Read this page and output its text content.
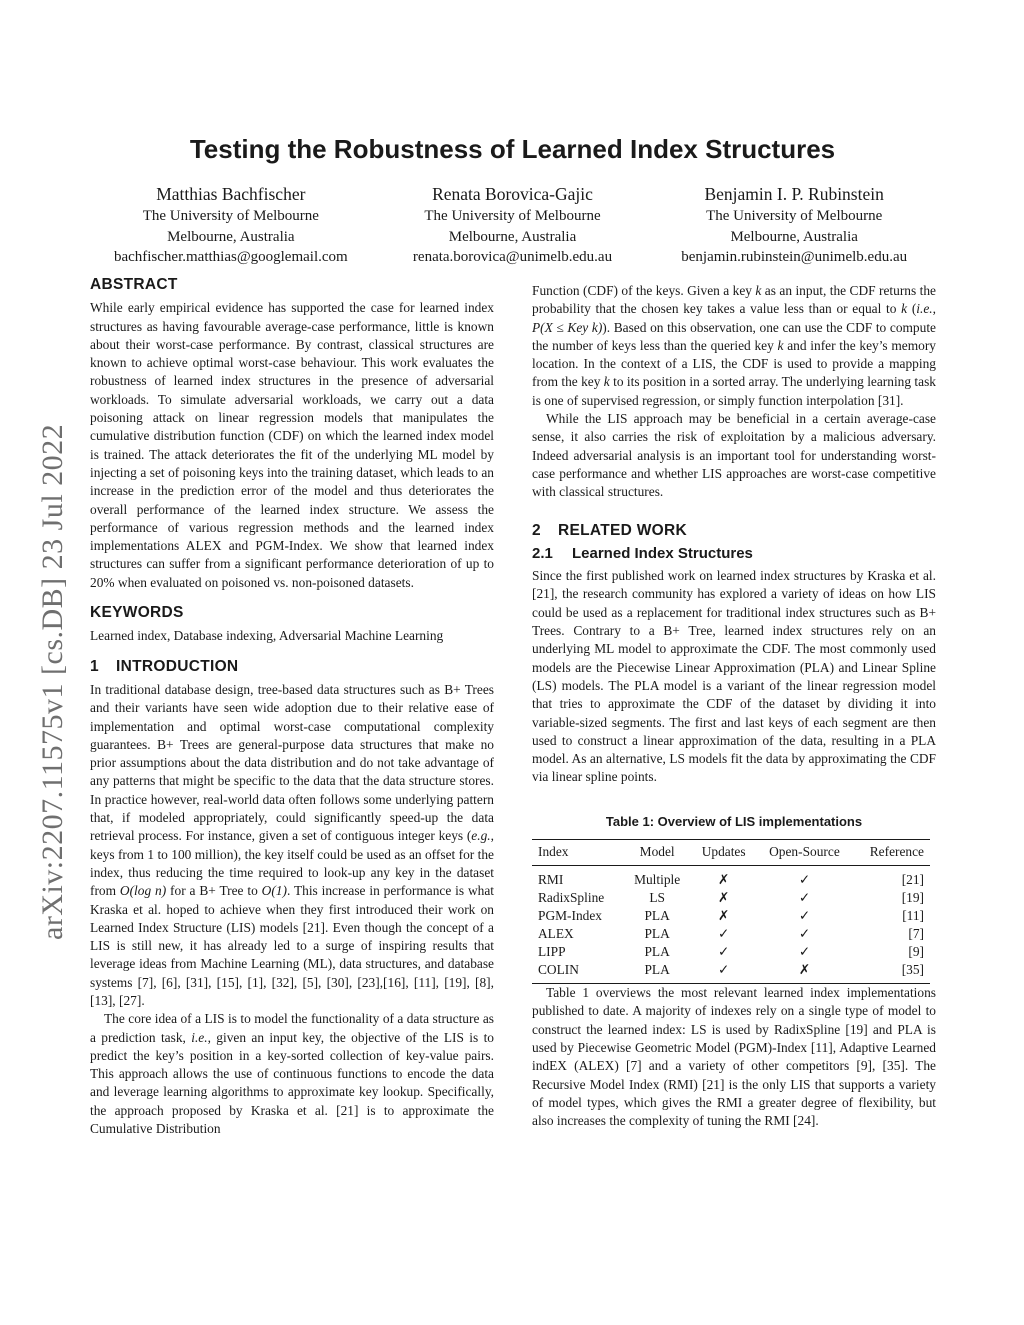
arXiv:2207.11575v1 [cs.DB] 23 Jul 2022
Testing the Robustness of Learned Index Structures
Matthias Bachfischer
The University of Melbourne
Melbourne, Australia
bachfischer.matthias@googlemail.com
Renata Borovica-Gajic
The University of Melbourne
Melbourne, Australia
renata.borovica@unimelb.edu.au
Benjamin I. P. Rubinstein
The University of Melbourne
Melbourne, Australia
benjamin.rubinstein@unimelb.edu.au
ABSTRACT

While early empirical evidence has supported the case for learned index structures as having favourable average-case performance, little is known about their worst-case performance. By contrast, classical structures are known to achieve optimal worst-case behaviour. This work evaluates the robustness of learned index structures in the presence of adversarial workloads. To simulate adversarial workloads, we carry out a data poisoning attack on linear regression models that manipulates the cumulative distribution function (CDF) on which the learned index model is trained. The attack deteriorates the fit of the underlying ML model by injecting a set of poisoning keys into the training dataset, which leads to an increase in the prediction error of the model and thus deteriorates the overall performance of the learned index structure. We assess the performance of various regression methods and the learned index implementations ALEX and PGM-Index. We show that learned index structures can suffer from a significant performance deterioration of up to 20% when evaluated on poisoned vs. non-poisoned datasets.

KEYWORDS

Learned index, Database indexing, Adversarial Machine Learning

1 INTRODUCTION

In traditional database design, tree-based data structures such as B+ Trees and their variants have seen wide adoption due to their relative ease of implementation and optimal worst-case computational complexity guarantees. B+ Trees are general-purpose data structures that make no prior assumptions about the data distribution and do not take advantage of any patterns that might be specific to the data that the data structure stores. In practice however, real-world data often follows some underlying pattern that, if modeled appropriately, could significantly speed-up the data retrieval process. For instance, given a set of contiguous integer keys (e.g., keys from 1 to 100 million), the key itself could be used as an offset for the index, thus reducing the time required to look-up any key in the dataset from O(log n) for a B+ Tree to O(1). This increase in performance is what Kraska et al. hoped to achieve when they first introduced their work on Learned Index Structure (LIS) models [21]. Even though the concept of a LIS is still new, it has already led to a surge of inspiring results that leverage ideas from Machine Learning (ML), data structures, and database systems [7], [6], [31], [15], [1], [32], [5], [30], [23],[16], [11], [19], [8], [13], [27].

The core idea of a LIS is to model the functionality of a data structure as a prediction task, i.e., given an input key, the objective of the LIS is to predict the key’s position in a key-sorted collection of key-value pairs. This approach allows the use of continuous functions to encode the data and leverage learning algorithms to approximate key lookup. Specifically, the approach proposed by Kraska et al. [21] is to approximate the Cumulative Distribution

Function (CDF) of the keys. Given a key k as an input, the CDF returns the probability that the chosen key takes a value less than or equal to k (i.e., P(X ≤ Key k)). Based on this observation, one can use the CDF to compute the number of keys less than the queried key k and infer the key’s memory location. In the context of a LIS, the CDF is used to provide a mapping from the key k to its position in a sorted array. The underlying learning task is one of supervised regression, or simply function interpolation [31].

While the LIS approach may be beneficial in a certain average-case sense, it also carries the risk of exploitation by a malicious adversary. Indeed adversarial analysis is an important tool for understanding worst-case performance and whether LIS approaches are worst-case competitive with classical structures.

2 RELATED WORK
2.1 Learned Index Structures

Since the first published work on learned index structures by Kraska et al. [21], the research community has explored a variety of ideas on how LIS could be used as a replacement for traditional index structures such as B+ Trees. Contrary to a B+ Tree, learned index structures rely on an underlying ML model to approximate the CDF. The most commonly used models are the Piecewise Linear Approximation (PLA) and Linear Spline (LS) models. The PLA model is a variant of the linear regression model that tries to approximate the CDF of the dataset by dividing it into variable-sized segments. The first and last keys of each segment are then used to construct a linear approximation of the data, resulting in a PLA model. As an alternative, LS models fit the data by approximating the CDF via linear spline points.

Table 1: Overview of LIS implementations
Index	Model	Updates	Open-Source	Reference
RMI	Multiple	✗	✓	[21]
RadixSpline	LS	✗	✓	[19]
PGM-Index	PLA	✗	✓	[11]
ALEX	PLA	✓	✓	[7]
LIPP	PLA	✓	✓	[9]
COLIN	PLA	✓	✗	[35]

Table 1 overviews the most relevant learned index implementations published to date. A majority of indexes rely on a single type of model to construct the learned index: LS is used by RadixSpline [19] and PLA is used by Piecewise Geometric Model (PGM)-Index [11], Adaptive Learned indEX (ALEX) [7] and a variety of other competitors [9], [35]. The Recursive Model Index (RMI) [21] is the only LIS that supports a variety of model types, which gives the RMI a greater degree of flexibility, but also increases the complexity of tuning the RMI [24].
